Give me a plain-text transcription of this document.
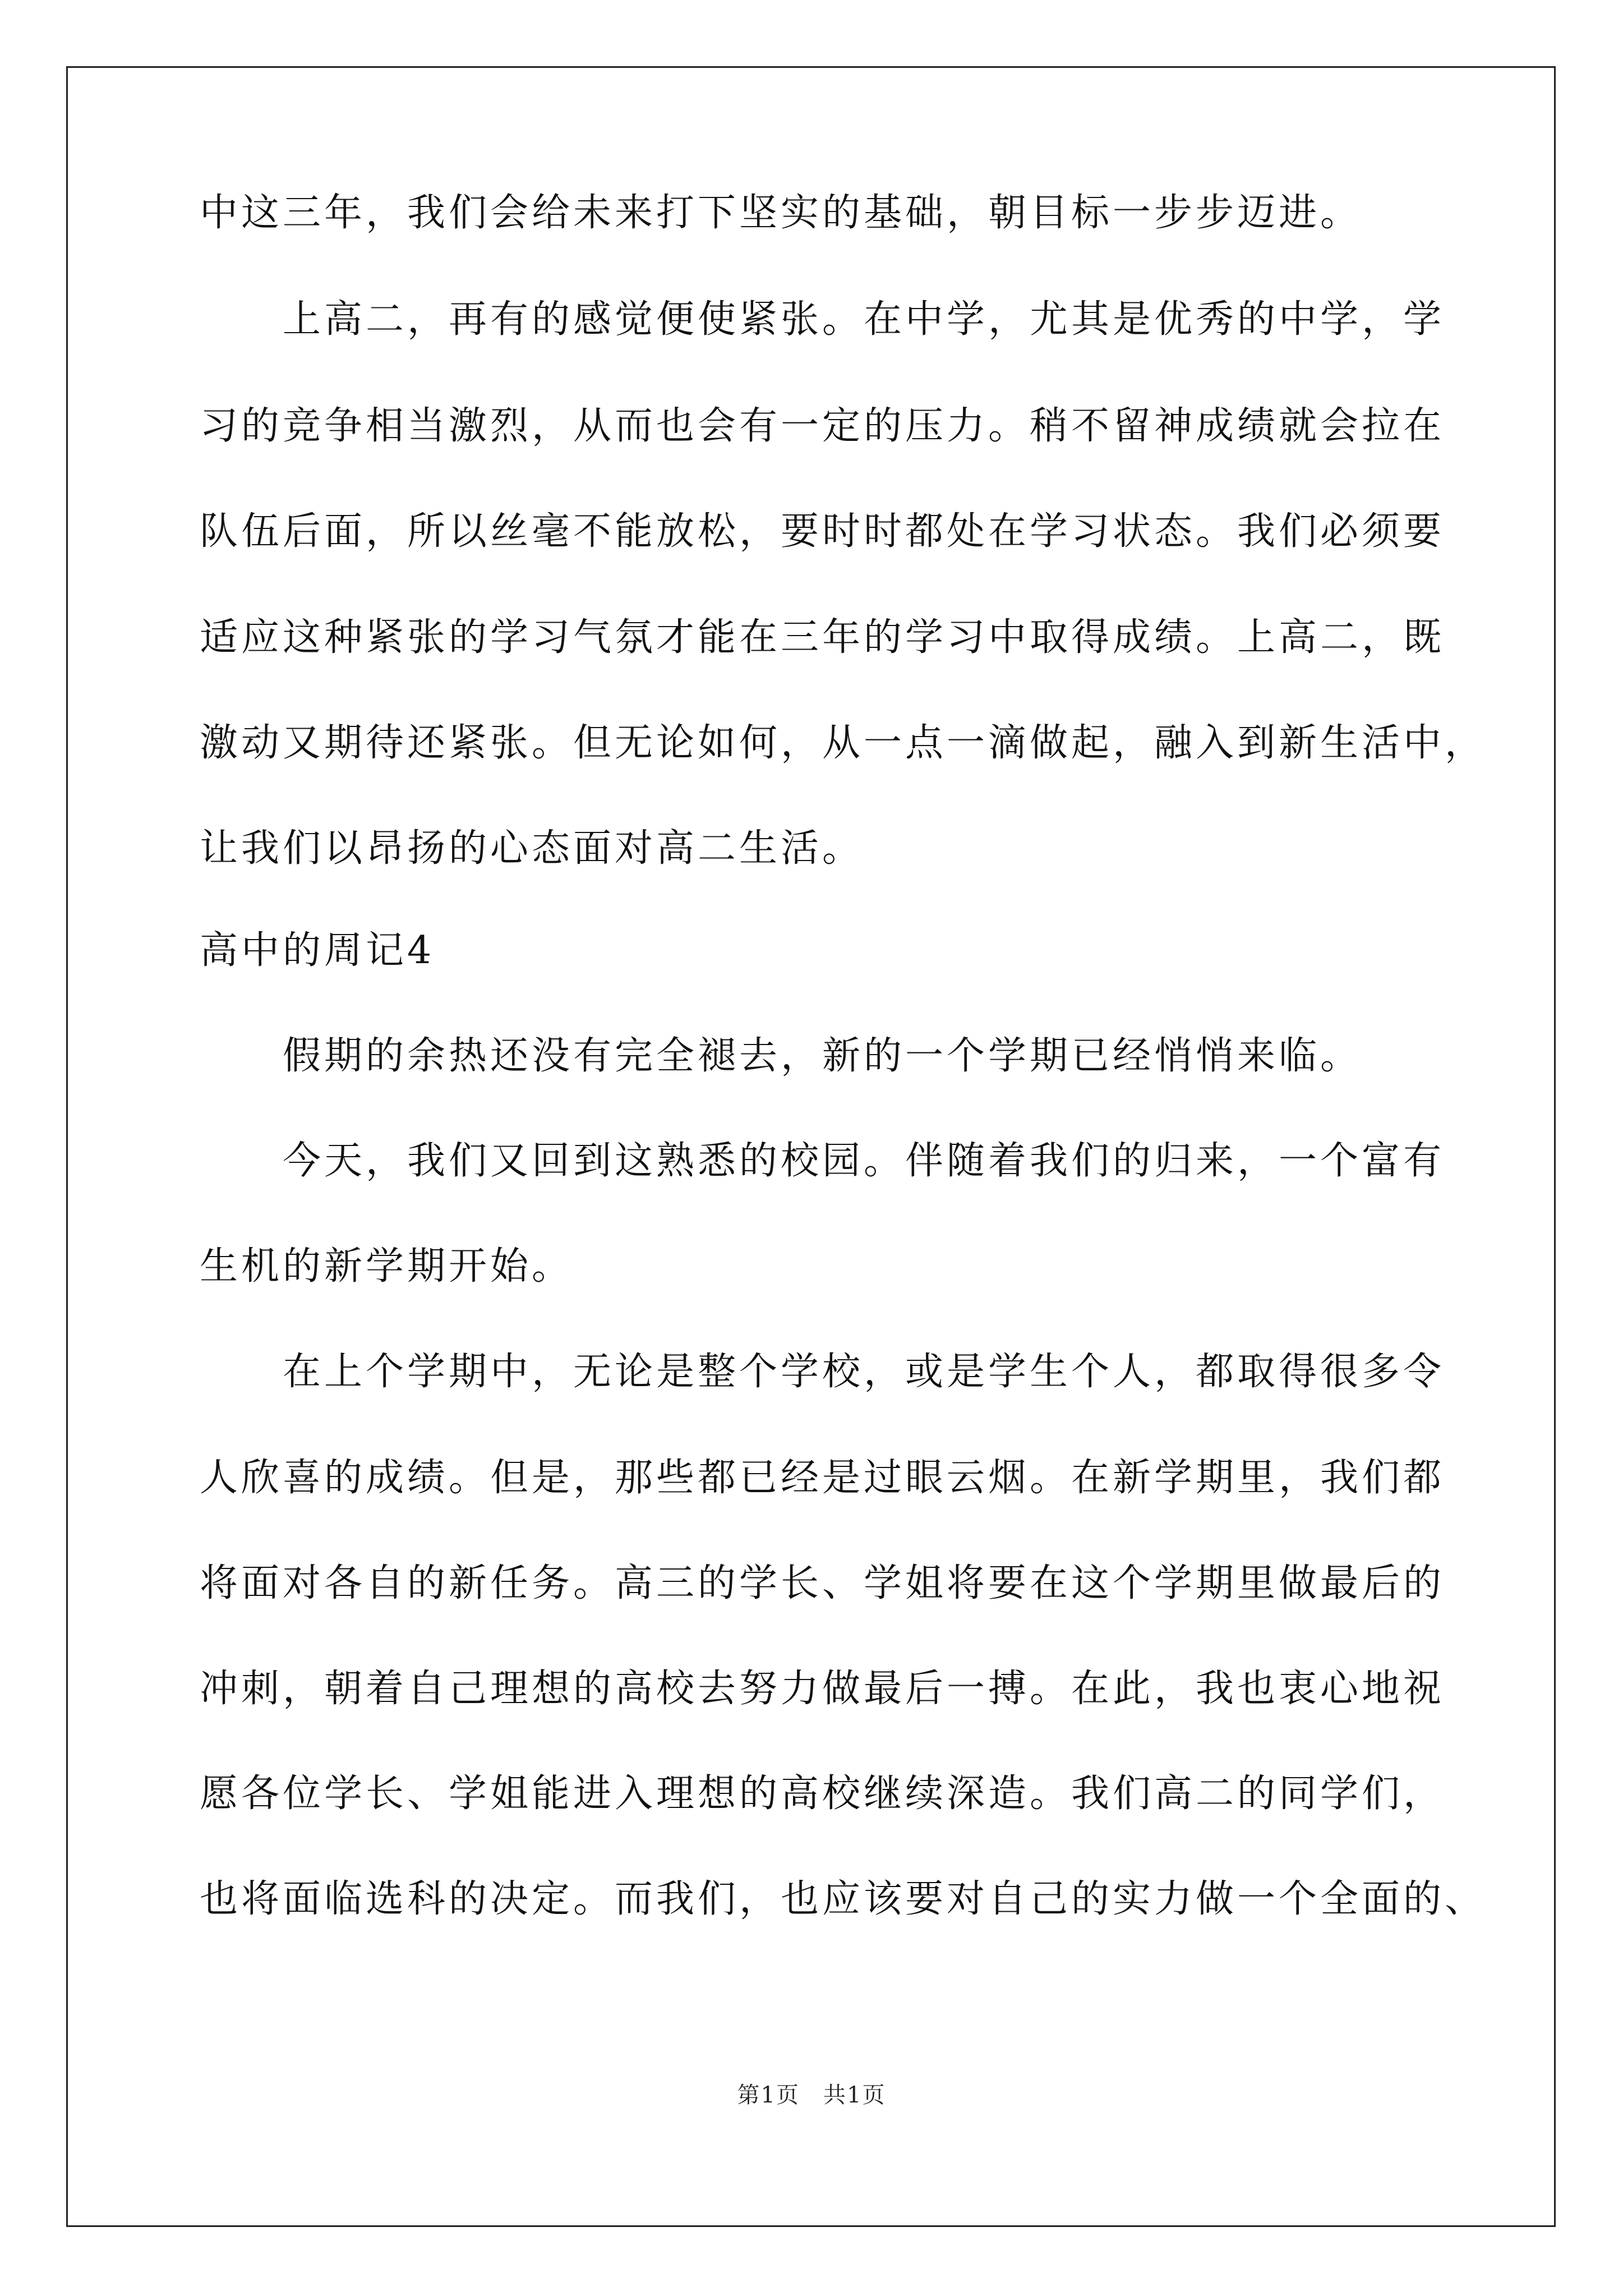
中这三年，我们会给未来打下坚实的基础，朝目标一步步迈进。
上高二，再有的感觉便使紧张。在中学，尤其是优秀的中学，学
习的竞争相当激烈，从而也会有一定的压力。稍不留神成绩就会拉在
队伍后面，所以丝毫不能放松，要时时都处在学习状态。我们必须要
适应这种紧张的学习气氛才能在三年的学习中取得成绩。上高二，既
激动又期待还紧张。但无论如何，从一点一滴做起，融入到新生活中，
让我们以昂扬的心态面对高二生活。
高中的周记4
假期的余热还没有完全褪去，新的一个学期已经悄悄来临。
今天，我们又回到这熟悉的校园。伴随着我们的归来，一个富有
生机的新学期开始。
在上个学期中，无论是整个学校，或是学生个人，都取得很多令
人欣喜的成绩。但是，那些都已经是过眼云烟。在新学期里，我们都
将面对各自的新任务。高三的学长、学姐将要在这个学期里做最后的
冲刺，朝着自己理想的高校去努力做最后一搏。在此，我也衷心地祝
愿各位学长、学姐能进入理想的高校继续深造。我们高二的同学们，
也将面临选科的决定。而我们，也应该要对自己的实力做一个全面的、
第1页　共1页
